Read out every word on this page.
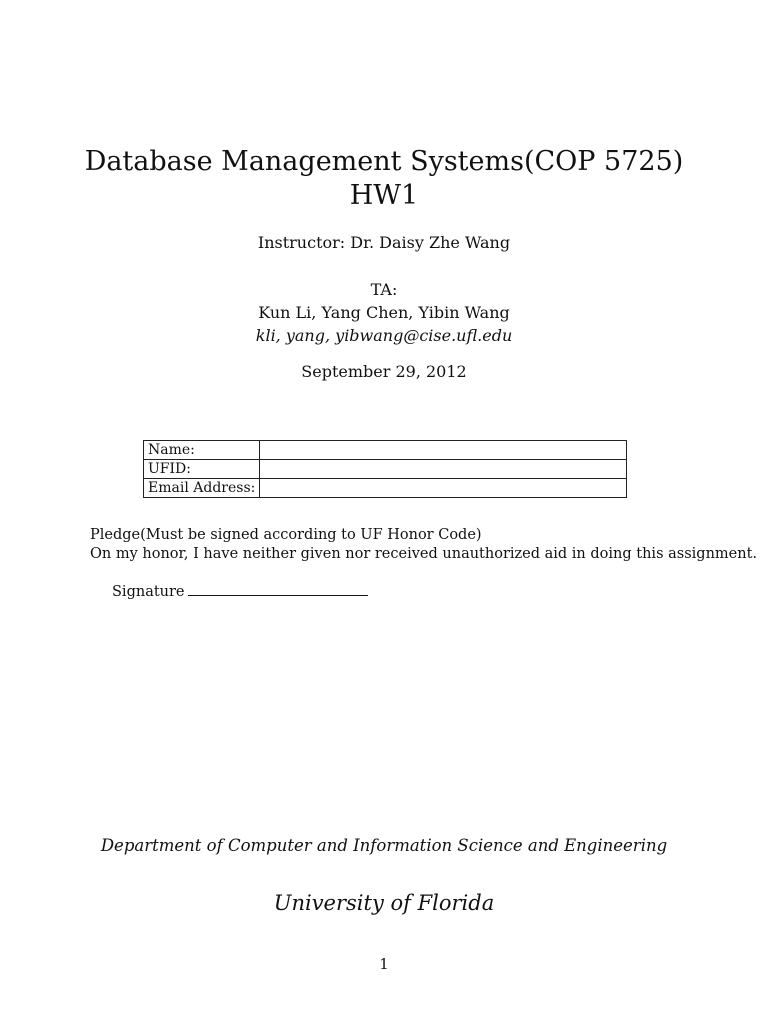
Database Management Systems(COP 5725)
HW1
Instructor: Dr. Daisy Zhe Wang
TA:
Kun Li, Yang Chen, Yibin Wang
kli, yang, yibwang@cise.ufl.edu
September 29, 2012
Name:	
UFID:	
Email Address:	
Pledge(Must be signed according to UF Honor Code)
On my honor, I have neither given nor received unauthorized aid in doing this assignment.
Signature
Department of Computer and Information Science and Engineering
University of Florida
1
